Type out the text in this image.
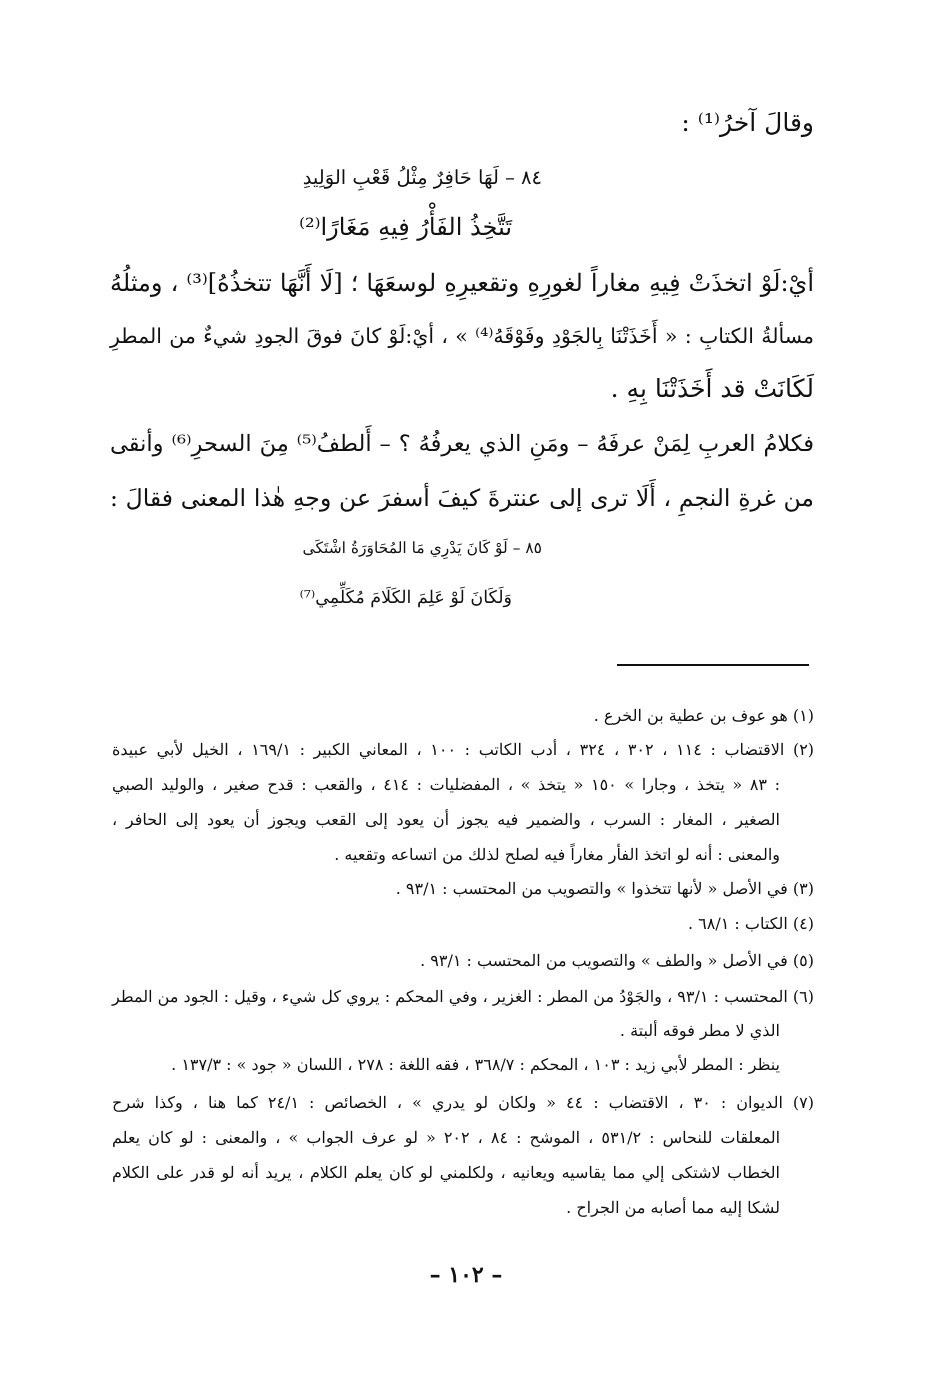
وقالَ آخرُ⁽¹⁾ :
٨٤ – لَهَا حَافِرٌ مِثْلُ قَعْبِ الوَلِيدِ
تَتَّخِذُ الفَأْرُ فِيهِ مَغَارًا⁽²⁾
أيْ:لَوْ اتخذَتْ فِيهِ مغاراً لغورِهِ وتقعيرِهِ لوسعَهَا ؛ [لَا أَنَّهَا تتخذُهُ]⁽³⁾ ، ومثلُهُ
مسألةُ الكتابِ : « أَخَذَتْنَا بِالجَوْدِ وفَوْقَهُ⁽⁴⁾ » ، أيْ:لَوْ كانَ فوقَ الجودِ شيءٌ من المطرِ
لَكَانَتْ قد أَخَذَتْنَا بِهِ .
فكلامُ العربِ لِمَنْ عرفَهُ – ومَنِ الذي يعرفُهُ ؟ – أَلطفُ⁽⁵⁾ مِنَ السحرِ⁽⁶⁾ وأنقى
من غرةِ النجمِ ، أَلَا ترى إلى عنترةَ كيفَ أسفرَ عن وجهِ هٰذا المعنى فقالَ :
٨٥ – لَوْ كَانَ يَدْرِي مَا المُحَاوَرَةُ اشْتَكَى
وَلَكَانَ لَوْ عَلِمَ الكَلَامَ مُكَلِّمِي⁽⁷⁾
(١) هو عوف بن عطية بن الخرع .
(٢) الاقتضاب : ١١٤ ، ٣٠٢ ، ٣٢٤ ، أدب الكاتب : ١٠٠ ، المعاني الكبير : ١٦٩/١ ، الخيل لأبي عبيدة
: ٨٣ « يتخذ ، وجارا » ١٥٠ « يتخذ » ، المفضليات : ٤١٤ ، والقعب : قدح صغير ، والوليد الصبي
الصغير ، المغار : السرب ، والضمير فيه يجوز أن يعود إلى القعب ويجوز أن يعود إلى الحافر ،
والمعنى : أنه لو اتخذ الفأر مغاراً فيه لصلح لذلك من اتساعه وتقعيه .
(٣) في الأصل « لأنها تتخذوا » والتصويب من المحتسب : ٩٣/١ .
(٤) الكتاب : ٦٨/١ .
(٥) في الأصل « والطف » والتصويب من المحتسب : ٩٣/١ .
(٦) المحتسب : ٩٣/١ ، والجَوْدُ من المطر : الغزير ، وفي المحكم : يروي كل شيء ، وقيل : الجود من المطر
الذي لا مطر فوقه ألبتة .
ينظر : المطر لأبي زيد : ١٠٣ ، المحكم : ٣٦٨/٧ ، فقه اللغة : ٢٧٨ ، اللسان « جود » : ١٣٧/٣ .
(٧) الديوان : ٣٠ ، الاقتضاب : ٤٤ « ولكان لو يدري » ، الخصائص : ٢٤/١ كما هنا ، وكذا شرح
المعلقات للنحاس : ٥٣١/٢ ، الموشح : ٨٤ ، ٢٠٢ « لو عرف الجواب » ، والمعنى : لو كان يعلم
الخطاب لاشتكى إلي مما يقاسيه ويعانيه ، ولكلمني لو كان يعلم الكلام ، يريد أنه لو قدر على الكلام
لشكا إليه مما أصابه من الجراح .
– ١٠٢ –
